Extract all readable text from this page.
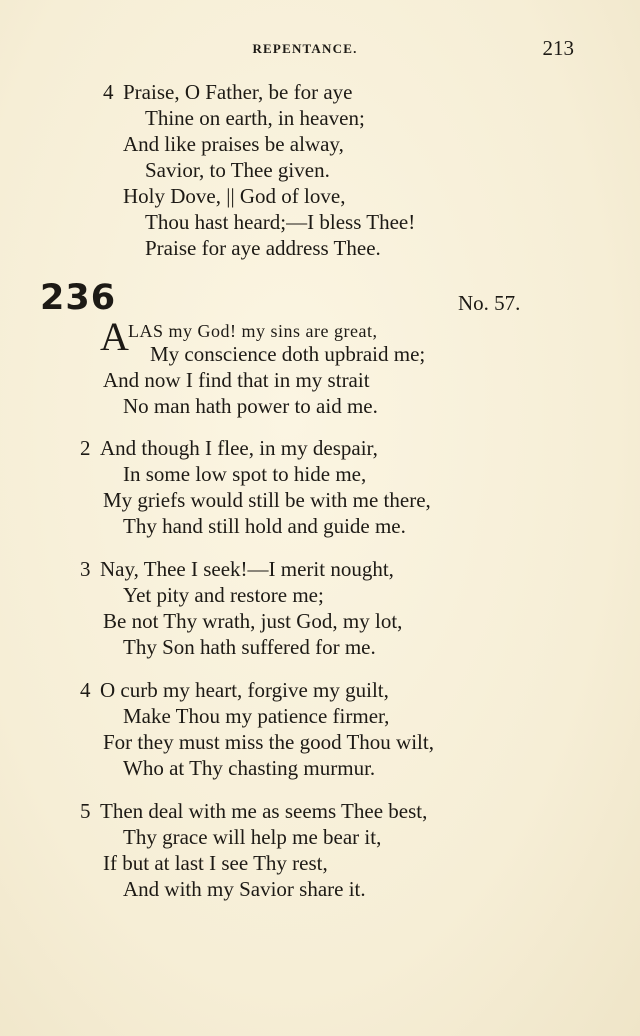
REPENTANCE.	213
4 Praise, O Father, be for aye
Thine on earth, in heaven;
And like praises be alway,
Savior, to Thee given.
Holy Dove, || God of love,
Thou hast heard;—I bless Thee!
Praise for aye address Thee.
236	No. 57.
A LAS my God! my sins are great,
My conscience doth upbraid me;
And now I find that in my strait
No man hath power to aid me.
2 And though I flee, in my despair,
In some low spot to hide me,
My griefs would still be with me there,
Thy hand still hold and guide me.
3 Nay, Thee I seek!—I merit nought,
Yet pity and restore me;
Be not Thy wrath, just God, my lot,
Thy Son hath suffered for me.
4 O curb my heart, forgive my guilt,
Make Thou my patience firmer,
For they must miss the good Thou wilt,
Who at Thy chasting murmur.
5 Then deal with me as seems Thee best,
Thy grace will help me bear it,
If but at last I see Thy rest,
And with my Savior share it.
